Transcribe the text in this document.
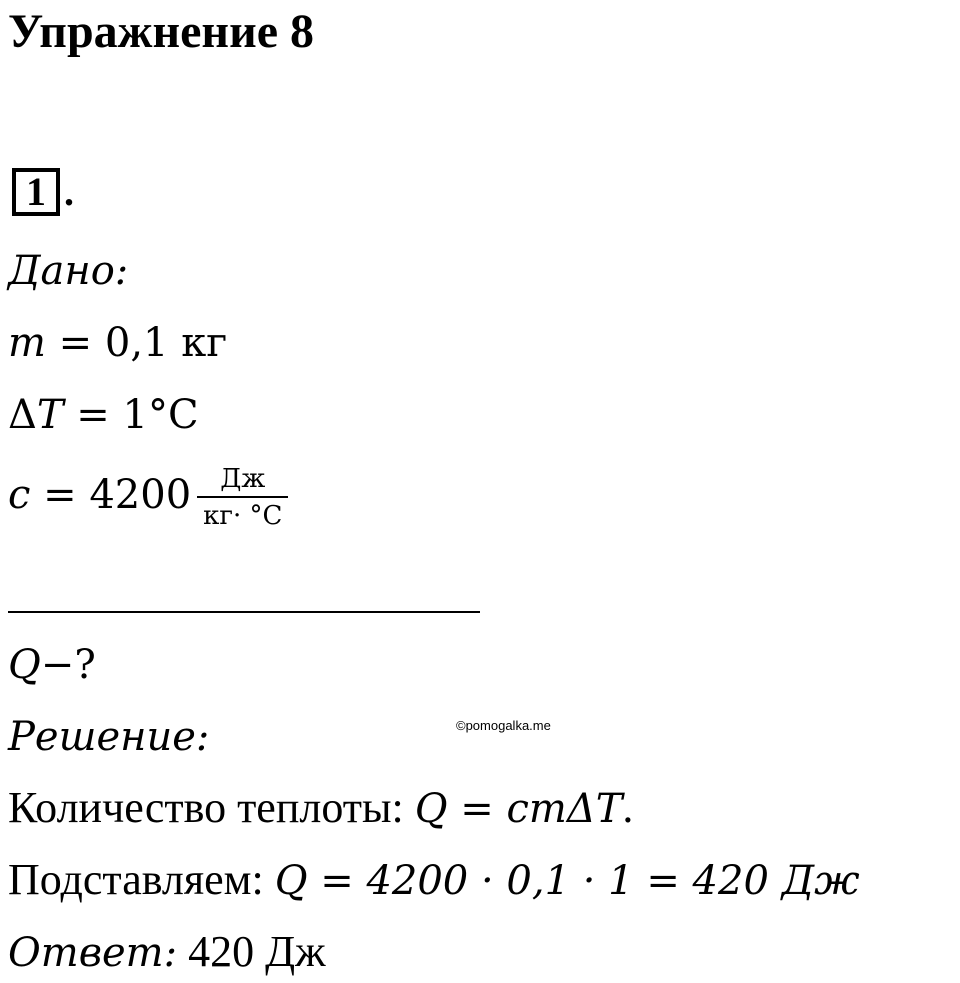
Упражнение 8
1 .
Дано:
m = 0,1 кг
ΔT = 1°C
$c = 4200 \frac{Дж}{кг\cdot ^\circ C}$
Q−?
©pomogalka.me
Решение:
Количество теплоты: Q = cmΔT.
Подставляем: Q = 4200 · 0,1 · 1 = 420 Дж
Ответ: 420 Дж
